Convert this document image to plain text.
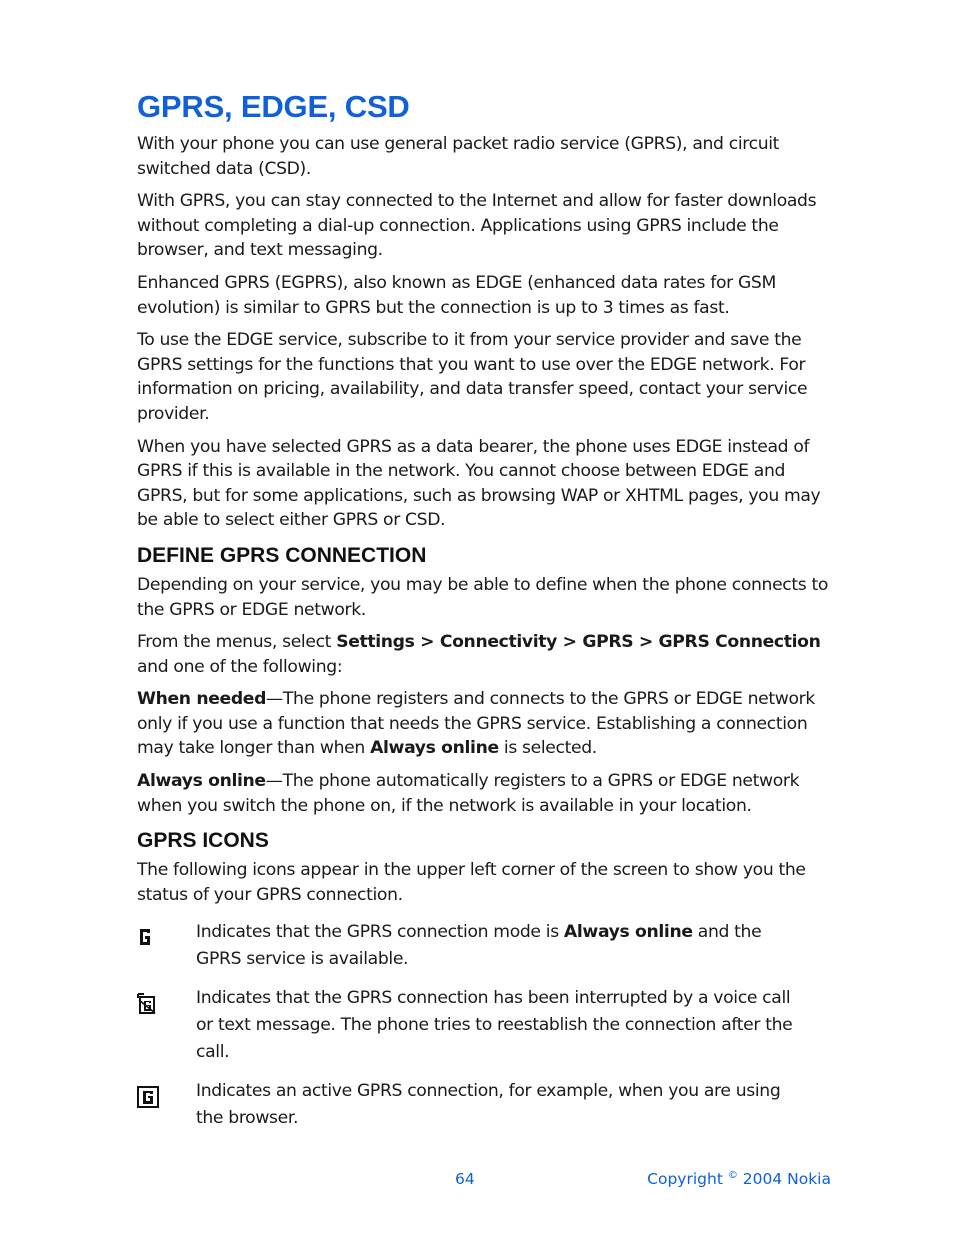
GPRS, EDGE, CSD

With your phone you can use general packet radio service (GPRS), and circuit switched data (CSD).

With GPRS, you can stay connected to the Internet and allow for faster downloads without completing a dial-up connection. Applications using GPRS include the browser, and text messaging.

Enhanced GPRS (EGPRS), also known as EDGE (enhanced data rates for GSM evolution) is similar to GPRS but the connection is up to 3 times as fast.

To use the EDGE service, subscribe to it from your service provider and save the GPRS settings for the functions that you want to use over the EDGE network. For information on pricing, availability, and data transfer speed, contact your service provider.

When you have selected GPRS as a data bearer, the phone uses EDGE instead of GPRS if this is available in the network. You cannot choose between EDGE and GPRS, but for some applications, such as browsing WAP or XHTML pages, you may be able to select either GPRS or CSD.

DEFINE GPRS CONNECTION

Depending on your service, you may be able to define when the phone connects to the GPRS or EDGE network.

From the menus, select Settings > Connectivity > GPRS > GPRS Connection and one of the following:

When needed—The phone registers and connects to the GPRS or EDGE network only if you use a function that needs the GPRS service. Establishing a connection may take longer than when Always online is selected.

Always online—The phone automatically registers to a GPRS or EDGE network when you switch the phone on, if the network is available in your location.

GPRS ICONS

The following icons appear in the upper left corner of the screen to show you the status of your GPRS connection.

Indicates that the GPRS connection mode is Always online and the GPRS service is available.
Indicates that the GPRS connection has been interrupted by a voice call or text message. The phone tries to reestablish the connection after the call.
Indicates an active GPRS connection, for example, when you are using the browser.
64	Copyright © 2004 Nokia
